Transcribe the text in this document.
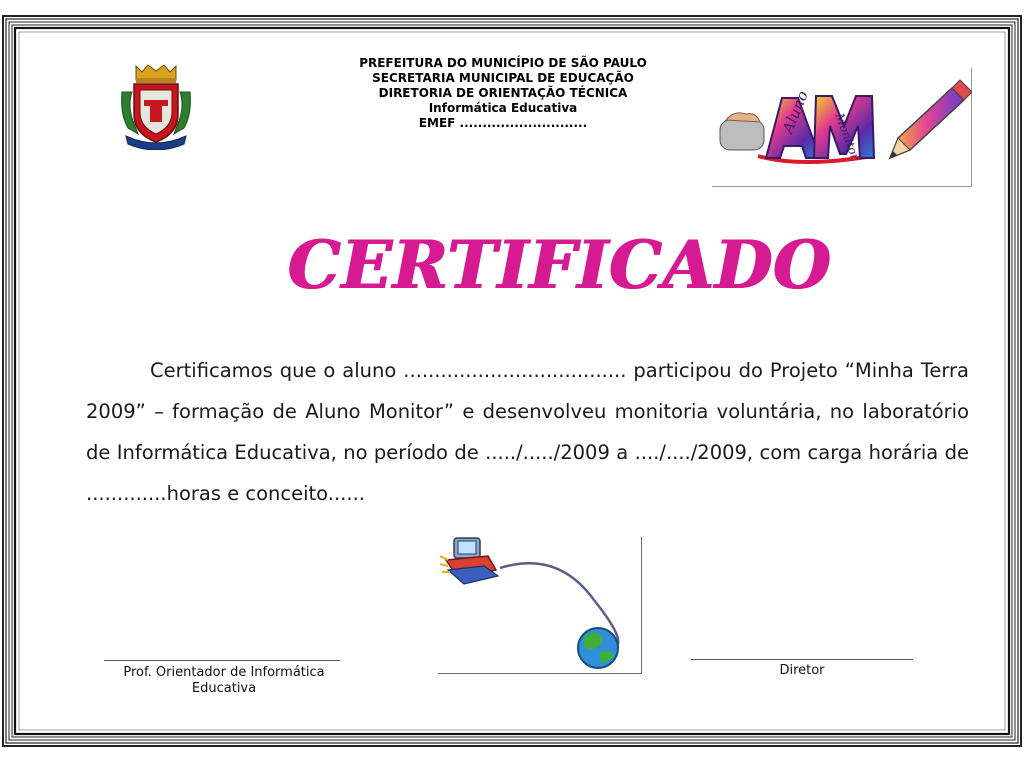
PREFEITURA DO MUNICÍPIO DE SÃO PAULO
SECRETARIA MUNICIPAL DE EDUCAÇÃO
DIRETORIA DE ORIENTAÇÃO TÉCNICA
Informática Educativa
EMEF ............................	Aluno Monitor
CERTIFICADO
Certificamos que o aluno .................................... participou do Projeto “Minha Terra 2009” – formação de Aluno Monitor” e desenvolveu monitoria voluntária, no laboratório de Informática Educativa, no período de ...../...../2009 a ..../..../2009, com carga horária de .............horas e conceito......
Prof. Orientador de Informática Educativa
Diretor
